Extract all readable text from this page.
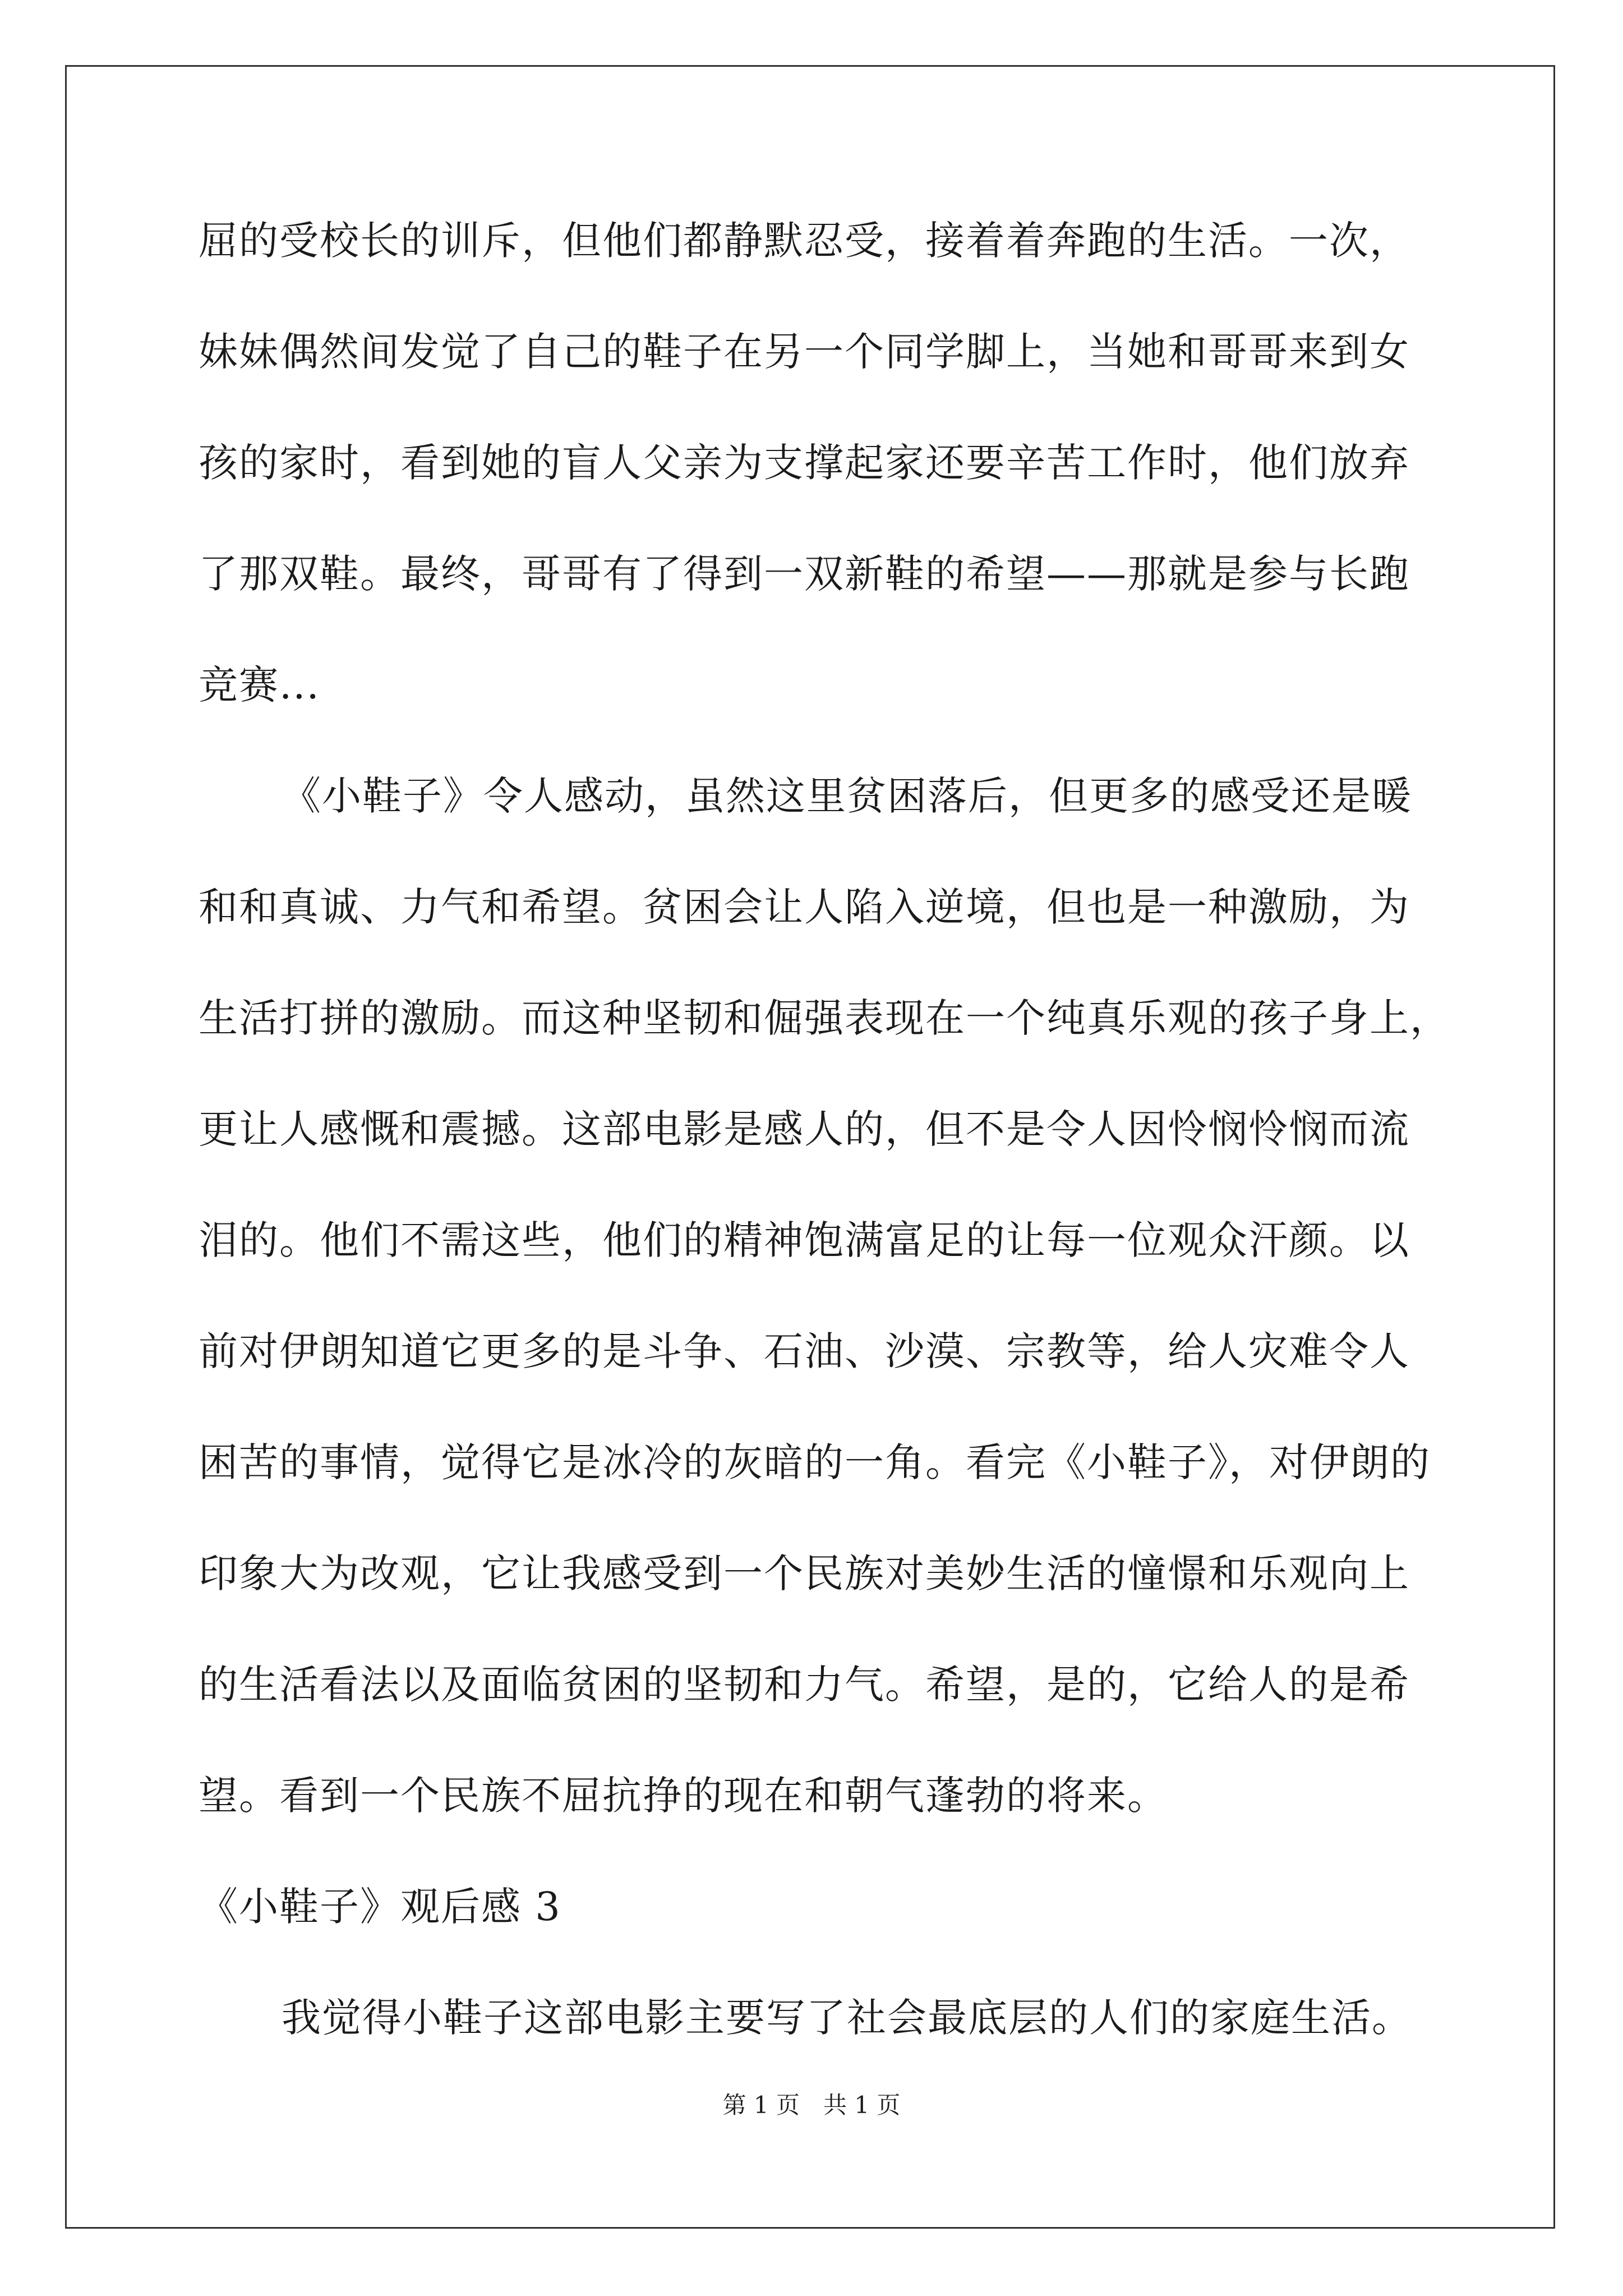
屈的受校长的训斥，但他们都静默忍受，接着着奔跑的生活。一次，
妹妹偶然间发觉了自己的鞋子在另一个同学脚上，当她和哥哥来到女
孩的家时，看到她的盲人父亲为支撑起家还要辛苦工作时，他们放弃
了那双鞋。最终，哥哥有了得到一双新鞋的希望——那就是参与长跑
竞赛...
《小鞋子》令人感动，虽然这里贫困落后，但更多的感受还是暖
和和真诚、力气和希望。贫困会让人陷入逆境，但也是一种激励，为
生活打拼的激励。而这种坚韧和倔强表现在一个纯真乐观的孩子身上，
更让人感慨和震撼。这部电影是感人的，但不是令人因怜悯怜悯而流
泪的。他们不需这些，他们的精神饱满富足的让每一位观众汗颜。以
前对伊朗知道它更多的是斗争、石油、沙漠、宗教等，给人灾难令人
困苦的事情，觉得它是冰冷的灰暗的一角。看完《小鞋子》，对伊朗的
印象大为改观，它让我感受到一个民族对美妙生活的憧憬和乐观向上
的生活看法以及面临贫困的坚韧和力气。希望，是的，它给人的是希
望。看到一个民族不屈抗挣的现在和朝气蓬勃的将来。
《小鞋子》观后感 3
我觉得小鞋子这部电影主要写了社会最底层的人们的家庭生活。
第 1 页　共 1 页
